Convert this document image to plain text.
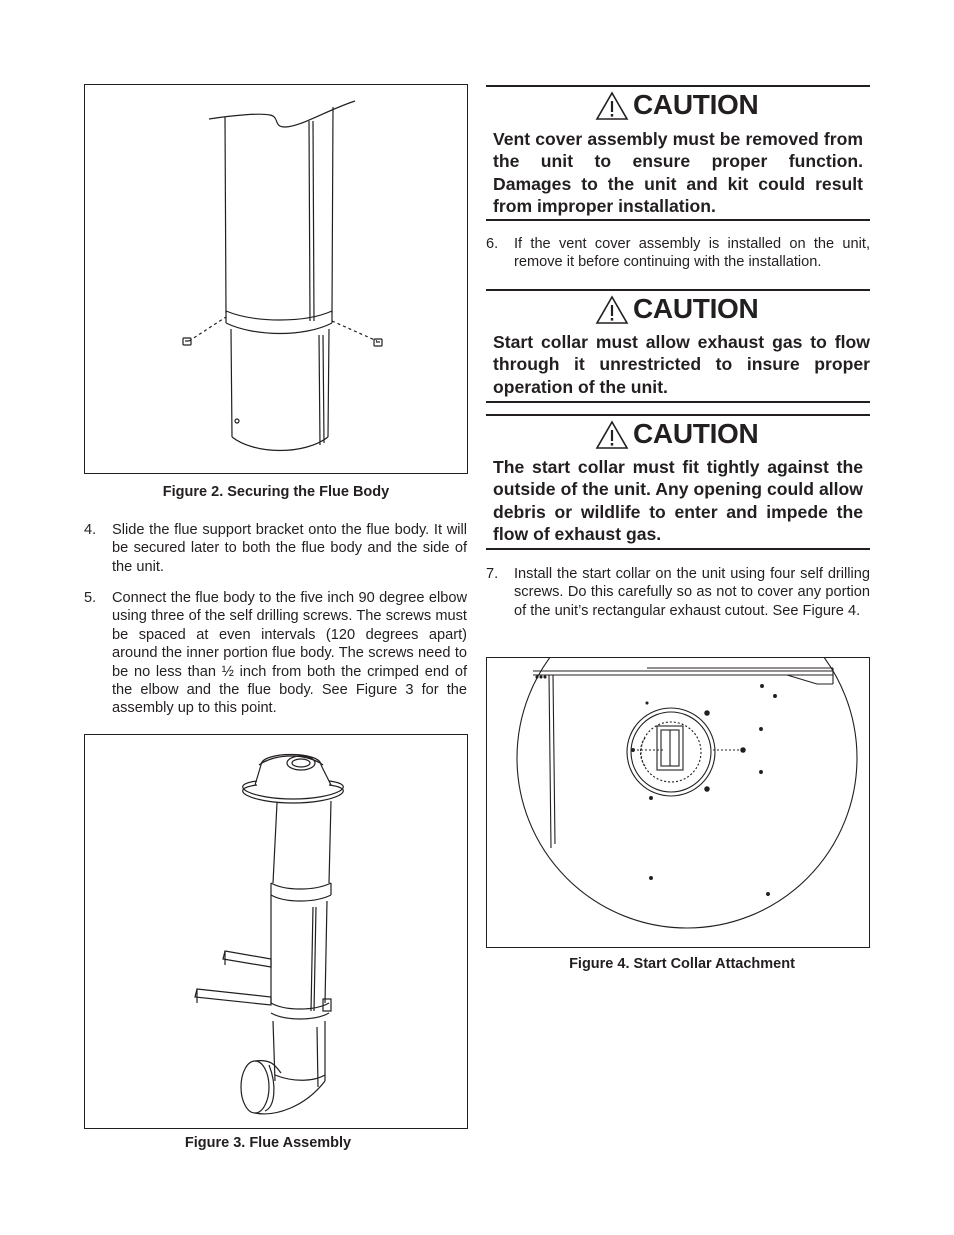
Figure 2. Securing the Flue Body
4. Slide the flue support bracket onto the flue body. It will be secured later to both the flue body and the side of the unit.
5. Connect the flue body to the five inch 90 degree elbow using three of the self drilling screws. The screws must be spaced at even intervals (120 degrees apart) around the inner portion flue body. The screws need to be no less than ½ inch from both the crimped end of the elbow and the flue body. See Figure 3 for the assembly up to this point.
Figure 3. Flue Assembly
CAUTION
Vent cover assembly must be removed from the unit to ensure proper function. Damages to the unit and kit could result from improper installation.
6. If the vent cover assembly is installed on the unit, remove it before continuing with the installation.
CAUTION
Start collar must allow exhaust gas to flow through it unrestricted to insure proper operation of the unit.
CAUTION
The start collar must fit tightly against the outside of the unit. Any opening could allow debris or wildlife to enter and impede the flow of exhaust gas.
7. Install the start collar on the unit using four self drilling screws. Do this carefully so as not to cover any portion of the unit’s rectangular exhaust cutout. See Figure 4.
Figure 4. Start Collar Attachment
